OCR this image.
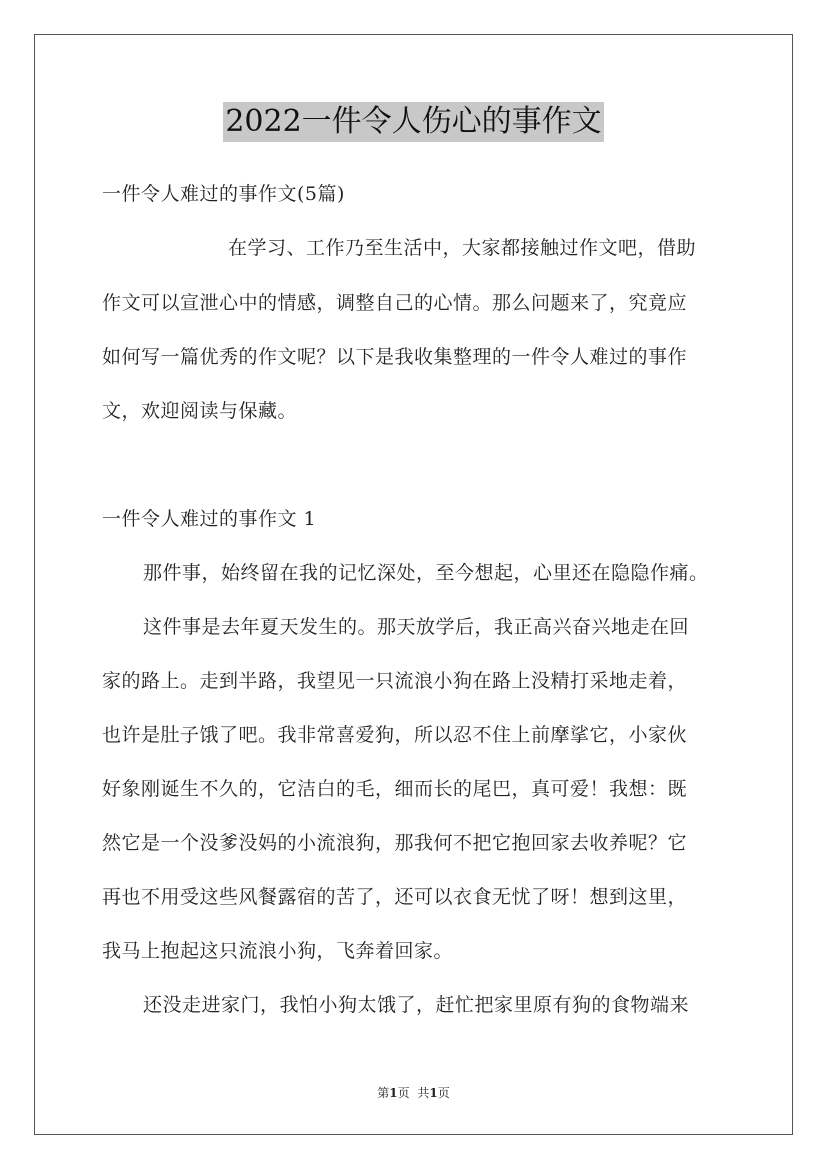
2022一件令人伤心的事作文
一件令人难过的事作文(5篇)
在学习、工作乃至生活中，大家都接触过作文吧，借助
作文可以宣泄心中的情感，调整自己的心情。那么问题来了，究竟应
如何写一篇优秀的作文呢？以下是我收集整理的一件令人难过的事作
文，欢迎阅读与保藏。
一件令人难过的事作文 1
那件事，始终留在我的记忆深处，至今想起，心里还在隐隐作痛。
这件事是去年夏天发生的。那天放学后，我正高兴奋兴地走在回
家的路上。走到半路，我望见一只流浪小狗在路上没精打采地走着，
也许是肚子饿了吧。我非常喜爱狗，所以忍不住上前摩挲它，小家伙
好象刚诞生不久的，它洁白的毛，细而长的尾巴，真可爱！我想：既
然它是一个没爹没妈的小流浪狗，那我何不把它抱回家去收养呢？它
再也不用受这些风餐露宿的苦了，还可以衣食无忧了呀！想到这里，
我马上抱起这只流浪小狗，飞奔着回家。
还没走进家门，我怕小狗太饿了，赶忙把家里原有狗的食物端来
第1页 共1页
